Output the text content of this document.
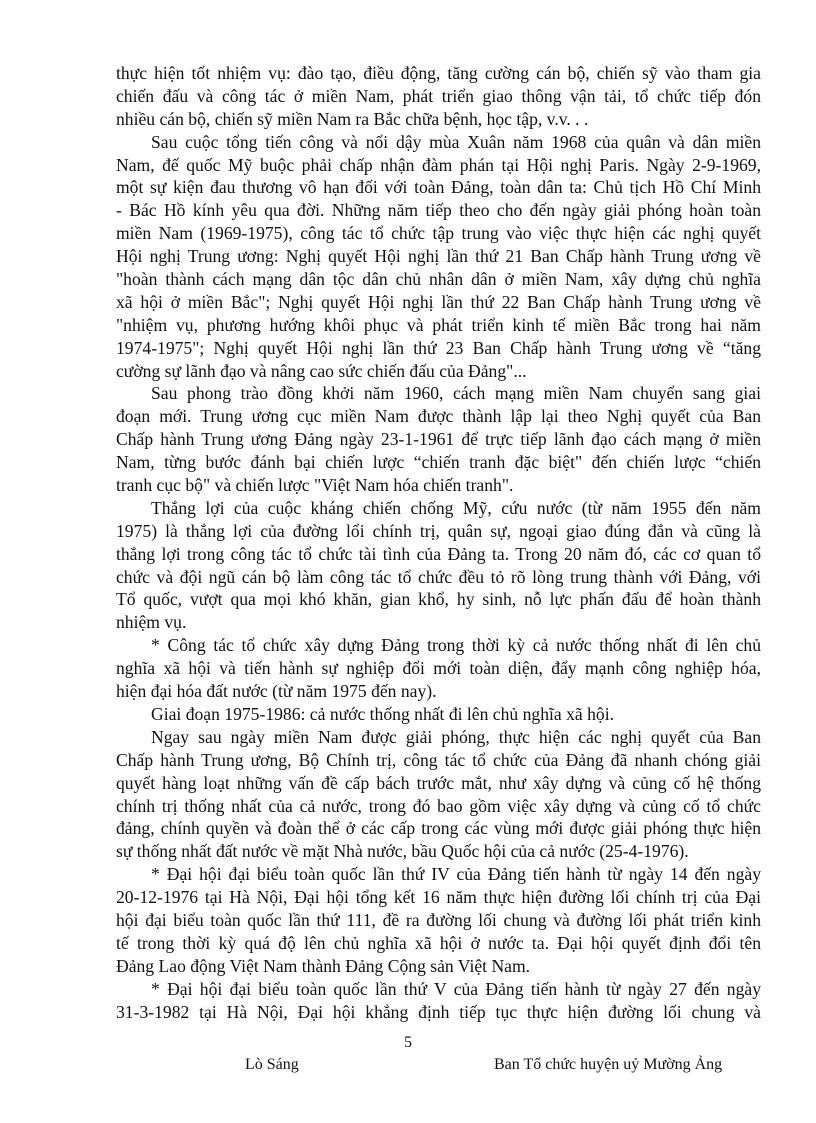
thực hiện tốt nhiệm vụ: đào tạo, điều động, tăng cường cán bộ, chiến sỹ vào tham gia
chiến đấu và công tác ở miền Nam, phát triển giao thông vận tải, tổ chức tiếp đón
nhiều cán bộ, chiến sỹ miền Nam ra Bắc chữa bệnh, học tập, v.v. . .
Sau cuộc tổng tiến công và nổi dậy mùa Xuân năm 1968 của quân và dân miền
Nam, đế quốc Mỹ buộc phải chấp nhận đàm phán tại Hội nghị Paris. Ngày 2-9-1969,
một sự kiện đau thương vô hạn đối với toàn Đảng, toàn dân ta: Chủ tịch Hồ Chí Minh
- Bác Hồ kính yêu qua đời. Những năm tiếp theo cho đến ngày giải phóng hoàn toàn
miền Nam (1969-1975), công tác tổ chức tập trung vào việc thực hiện các nghị quyết
Hội nghị Trung ương: Nghị quyết Hội nghị lần thứ 21 Ban Chấp hành Trung ương về
"hoàn thành cách mạng dân tộc dân chủ nhân dân ở miền Nam, xây dựng chủ nghĩa
xã hội ở miền Bắc"; Nghị quyết Hội nghị lần thứ 22 Ban Chấp hành Trung ương về
"nhiệm vụ, phương hướng khôi phục và phát triển kinh tế miền Bắc trong hai năm
1974-1975"; Nghị quyết Hội nghị lần thứ 23 Ban Chấp hành Trung ương về “tăng
cường sự lãnh đạo và nâng cao sức chiến đấu của Đảng"...
Sau phong trào đồng khởi năm 1960, cách mạng miền Nam chuyển sang giai
đoạn mới. Trung ương cục miền Nam được thành lập lại theo Nghị quyết của Ban
Chấp hành Trung ương Đảng ngày 23-1-1961 để trực tiếp lãnh đạo cách mạng ở miền
Nam, từng bước đánh bại chiến lược “chiến tranh đặc biệt" đến chiến lược “chiến
tranh cục bộ" và chiến lược "Việt Nam hóa chiến tranh".
Thắng lợi của cuộc kháng chiến chống Mỹ, cứu nước (từ năm 1955 đến năm
1975) là thắng lợi của đường lối chính trị, quân sự, ngoại giao đúng đắn và cũng là
thắng lợi trong công tác tổ chức tài tình của Đảng ta. Trong 20 năm đó, các cơ quan tổ
chức và đội ngũ cán bộ làm công tác tổ chức đều tỏ rõ lòng trung thành với Đảng, với
Tổ quốc, vượt qua mọi khó khăn, gian khổ, hy sinh, nỗ lực phấn đấu để hoàn thành
nhiệm vụ.
* Công tác tổ chức xây dựng Đảng trong thời kỳ cả nước thống nhất đi lên chủ
nghĩa xã hội và tiến hành sự nghiệp đổi mới toàn diện, đẩy mạnh công nghiệp hóa,
hiện đại hóa đất nước (từ năm 1975 đến nay).
Giai đoạn 1975-1986: cả nước thống nhất đi lên chủ nghĩa xã hội.
Ngay sau ngày miền Nam được giải phóng, thực hiện các nghị quyết của Ban
Chấp hành Trung ương, Bộ Chính trị, công tác tổ chức của Đảng đã nhanh chóng giải
quyết hàng loạt những vấn đề cấp bách trước mắt, như xây dựng và củng cố hệ thống
chính trị thống nhất của cả nước, trong đó bao gồm việc xây dựng và củng cố tổ chức
đảng, chính quyền và đoàn thể ở các cấp trong các vùng mới được giải phóng thực hiện
sự thống nhất đất nước về mặt Nhà nước, bầu Quốc hội của cả nước (25-4-1976).
* Đại hội đại biểu toàn quốc lần thứ IV của Đảng tiến hành từ ngày 14 đến ngày
20-12-1976 tại Hà Nội, Đại hội tổng kết 16 năm thực hiện đường lối chính trị của Đại
hội đại biểu toàn quốc lần thứ 111, đề ra đường lối chung và đường lối phát triển kinh
tế trong thời kỳ quá độ lên chủ nghĩa xã hội ở nước ta. Đại hội quyết định đổi tên
Đảng Lao động Việt Nam thành Đảng Cộng sản Việt Nam.
* Đại hội đại biểu toàn quốc lần thứ V của Đảng tiến hành từ ngày 27 đến ngày
31-3-1982 tại Hà Nội, Đại hội khẳng định tiếp tục thực hiện đường lối chung và
5
Lò Sáng	Ban Tổ chức huyện uỷ Mường Ảng
